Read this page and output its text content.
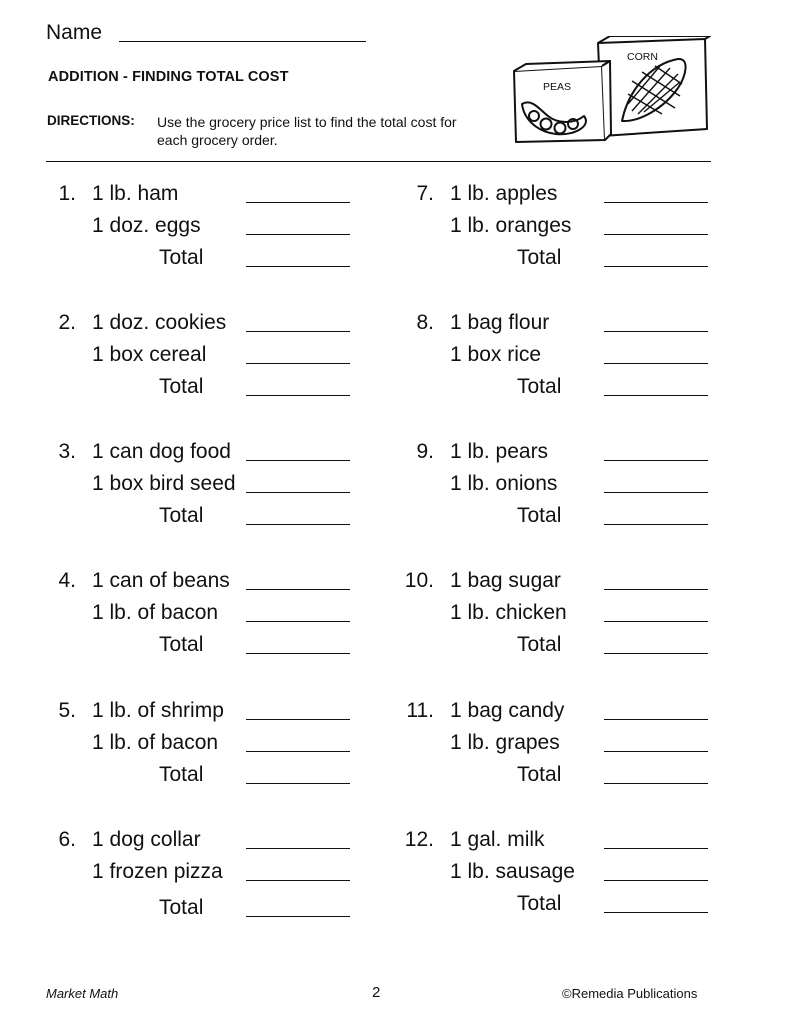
Name
ADDITION - FINDING TOTAL COST
DIRECTIONS: Use the grocery price list to find the total cost for each grocery order.
PEAS
CORN
1. 1 lb. ham
1 doz. eggs
Total
2. 1 doz. cookies
1 box cereal
Total
3. 1 can dog food
1 box bird seed
Total
4. 1 can of beans
1 lb. of bacon
Total
5. 1 lb. of shrimp
1 lb. of bacon
Total
6. 1 dog collar
1 frozen pizza
Total
7. 1 lb. apples
1 lb. oranges
Total
8. 1 bag flour
1 box rice
Total
9. 1 lb. pears
1 lb. onions
Total
10. 1 bag sugar
1 lb. chicken
Total
11. 1 bag candy
1 lb. grapes
Total
12. 1 gal. milk
1 lb. sausage
Total
Market Math	2	©Remedia Publications
